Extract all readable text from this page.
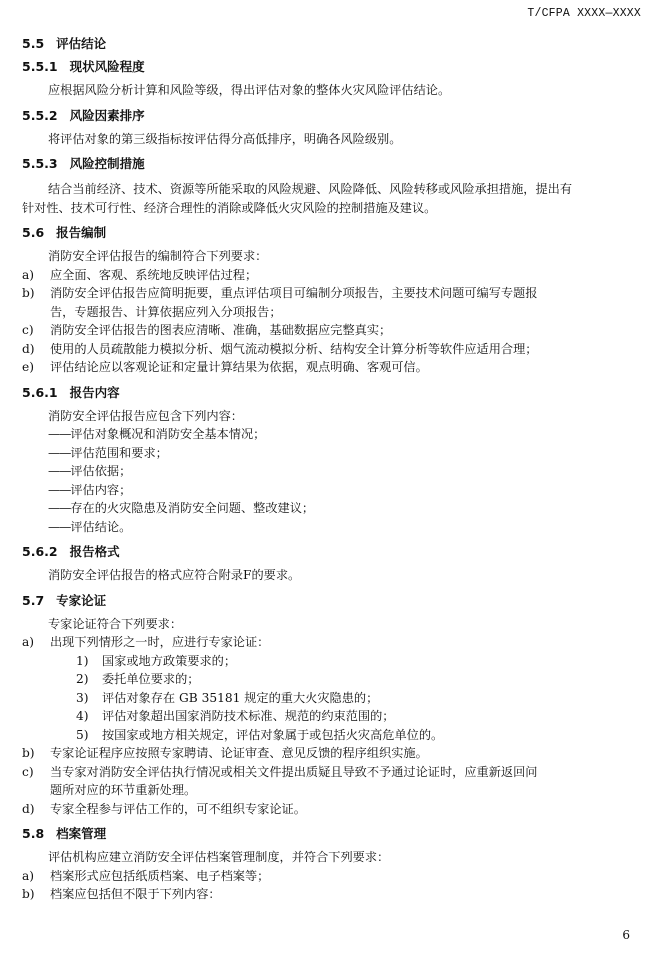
T/CFPA XXXX—XXXX
5.5 评估结论
5.5.1 现状风险程度
应根据风险分析计算和风险等级，得出评估对象的整体火灾风险评估结论。
5.5.2 风险因素排序
将评估对象的第三级指标按评估得分高低排序，明确各风险级别。
5.5.3 风险控制措施
结合当前经济、技术、资源等所能采取的风险规避、风险降低、风险转移或风险承担措施，提出有
针对性、技术可行性、经济合理性的消除或降低火灾风险的控制措施及建议。
5.6 报告编制
消防安全评估报告的编制符合下列要求：
a)	应全面、客观、系统地反映评估过程；
b)	消防安全评估报告应简明扼要，重点评估项目可编制分项报告，主要技术问题可编写专题报
告，专题报告、计算依据应列入分项报告；
c)	消防安全评估报告的图表应清晰、准确，基础数据应完整真实；
d)	使用的人员疏散能力模拟分析、烟气流动模拟分析、结构安全计算分析等软件应适用合理；
e)	评估结论应以客观论证和定量计算结果为依据，观点明确、客观可信。
5.6.1 报告内容
消防安全评估报告应包含下列内容：
——评估对象概况和消防安全基本情况；
——评估范围和要求；
——评估依据；
——评估内容；
——存在的火灾隐患及消防安全问题、整改建议；
——评估结论。
5.6.2 报告格式
消防安全评估报告的格式应符合附录F的要求。
5.7 专家论证
专家论证符合下列要求：
a)	出现下列情形之一时，应进行专家论证：
1)	国家或地方政策要求的；
2)	委托单位要求的；
3)	评估对象存在 GB 35181 规定的重大火灾隐患的；
4)	评估对象超出国家消防技术标准、规范的约束范围的；
5)	按国家或地方相关规定，评估对象属于或包括火灾高危单位的。
b)	专家论证程序应按照专家聘请、论证审查、意见反馈的程序组织实施。
c)	当专家对消防安全评估执行情况或相关文件提出质疑且导致不予通过论证时，应重新返回问
题所对应的环节重新处理。
d)	专家全程参与评估工作的，可不组织专家论证。
5.8 档案管理
评估机构应建立消防安全评估档案管理制度，并符合下列要求：
a)	档案形式应包括纸质档案、电子档案等；
b)	档案应包括但不限于下列内容：
6
